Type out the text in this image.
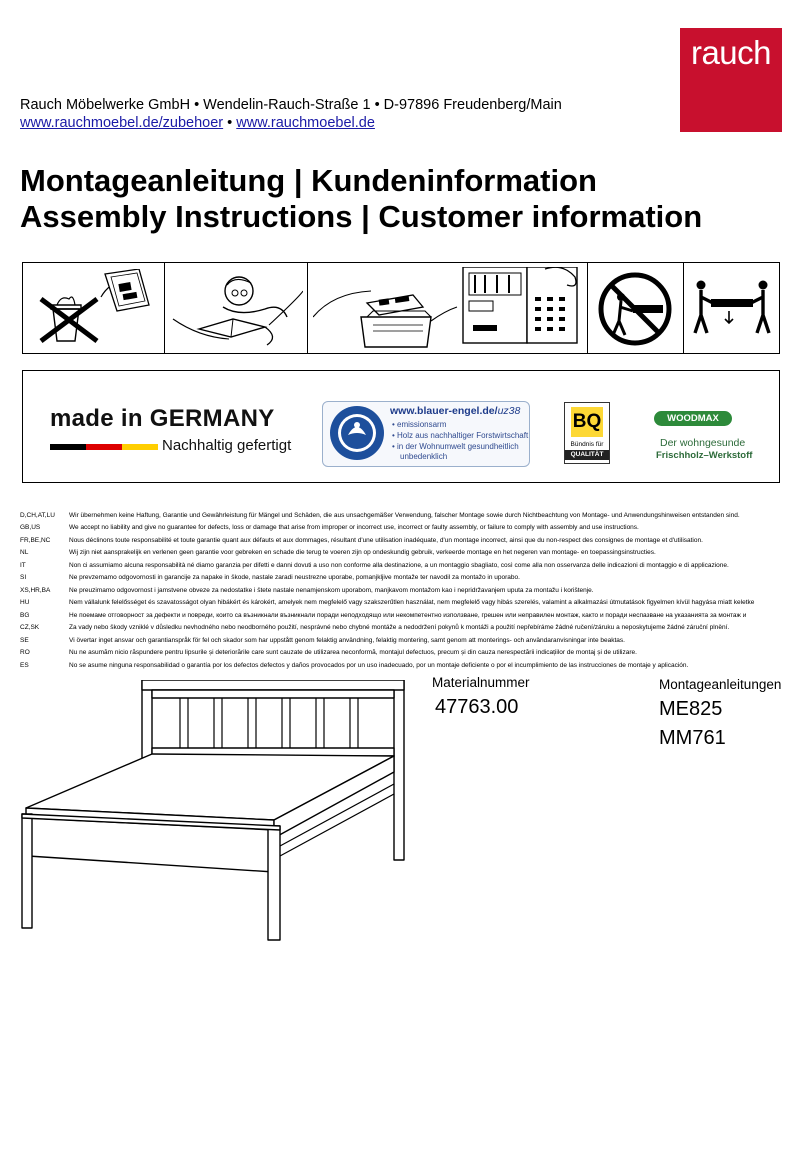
rauch
Rauch Möbelwerke GmbH • Wendelin-Rauch-Straße 1 • D-97896 Freudenberg/Main
www.rauchmoebel.de/zubehoer • www.rauchmoebel.de
Montageanleitung | Kundeninformation
Assembly Instructions | Customer information
made in GERMANY
Nachhaltig gefertigt
www.blauer-engel.de/uz38
• emissionsarm
• Holz aus nachhaltiger Forstwirtschaft
• in der Wohnumwelt gesundheitlich
unbedenklich
BQ
Bündnis für
QUALITÄT
WOODMAX
Der wohngesunde
Frischholz–Werkstoff
D,CH,AT,LU	Wir übernehmen keine Haftung, Garantie und Gewährleistung für Mängel und Schäden, die aus unsachgemäßer Verwendung, falscher Montage sowie durch Nichtbeachtung von Montage- und Anwendungshinweisen entstanden sind.
GB,US	We accept no liability and give no guarantee for defects, loss or damage that arise from improper or incorrect use, incorrect or faulty assembly, or failure to comply with assembly and use instructions.
FR,BE,NC	Nous déclinons toute responsabilité et toute garantie quant aux défauts et aux dommages, résultant d'une utilisation inadéquate, d'un montage incorrect, ainsi que du non-respect des consignes de montage et d'utilisation.
NL	Wij zijn niet aansprakelijk en verlenen geen garantie voor gebreken en schade die terug te voeren zijn op ondeskundig gebruik, verkeerde montage en het negeren van montage- en toepassingsinstructies.
IT	Non ci assumiamo alcuna responsabilità né diamo garanzia per difetti e danni dovuti a uso non conforme alla destinazione, a un montaggio sbagliato, così come alla non osservanza delle indicazioni di montaggio e di applicazione.
SI	Ne prevzemamo odgovornosti in garancije za napake in škode, nastale zaradi neustrezne uporabe, pomanjkljive montaže ter navodil za montažo in uporabo.
XS,HR,BA	Ne preuzimamo odgovornost i jamstvene obveze za nedostatke i štete nastale nenamjenskom uporabom, manjkavom montažom kao i nepridržavanjem uputa za montažu i korištenje.
HU	Nem vállalunk felelősséget és szavatosságot olyan hibákért és károkért, amelyek nem megfelelő vagy szakszerűtlen használat, nem megfelelő vagy hibás szerelés, valamint a alkalmazási útmutatások figyelmen kívül hagyása miatt keletke
BG	Не поемаме отговорност за дефекти и повреди, които са възникнали възникнали поради неподходящо или некомпетентно използване, грешен или неправилен монтаж, както и поради неспазване на указанията за монтаж и
CZ,SK	Za vady nebo škody vzniklé v důsledku nevhodného nebo neodborného použití, nesprávné nebo chybné montáže a nedodržení pokynů k montáži a použití nepřebíráme žádné ručení/záruku a neposkytujeme žádné záruční plnění.
SE	Vi övertar inget ansvar och garantianspråk för fel och skador som har uppstått genom felaktig användning, felaktig montering, samt genom att monterings- och användaranvisningar inte beaktas.
RO	Nu ne asumăm nicio răspundere pentru lipsurile și deteriorările care sunt cauzate de utilizarea neconformă, montajul defectuos, precum și din cauza nerespectării indicațiilor de montaj și de utilizare.
ES	No se asume ninguna responsabilidad o garantía por los defectos defectos y daños provocados por un uso inadecuado, por un montaje deficiente o por el incumplimiento de las instrucciones de montaje y aplicación.
Materialnummer
47763.00
Montageanleitungen
ME825
MM761
